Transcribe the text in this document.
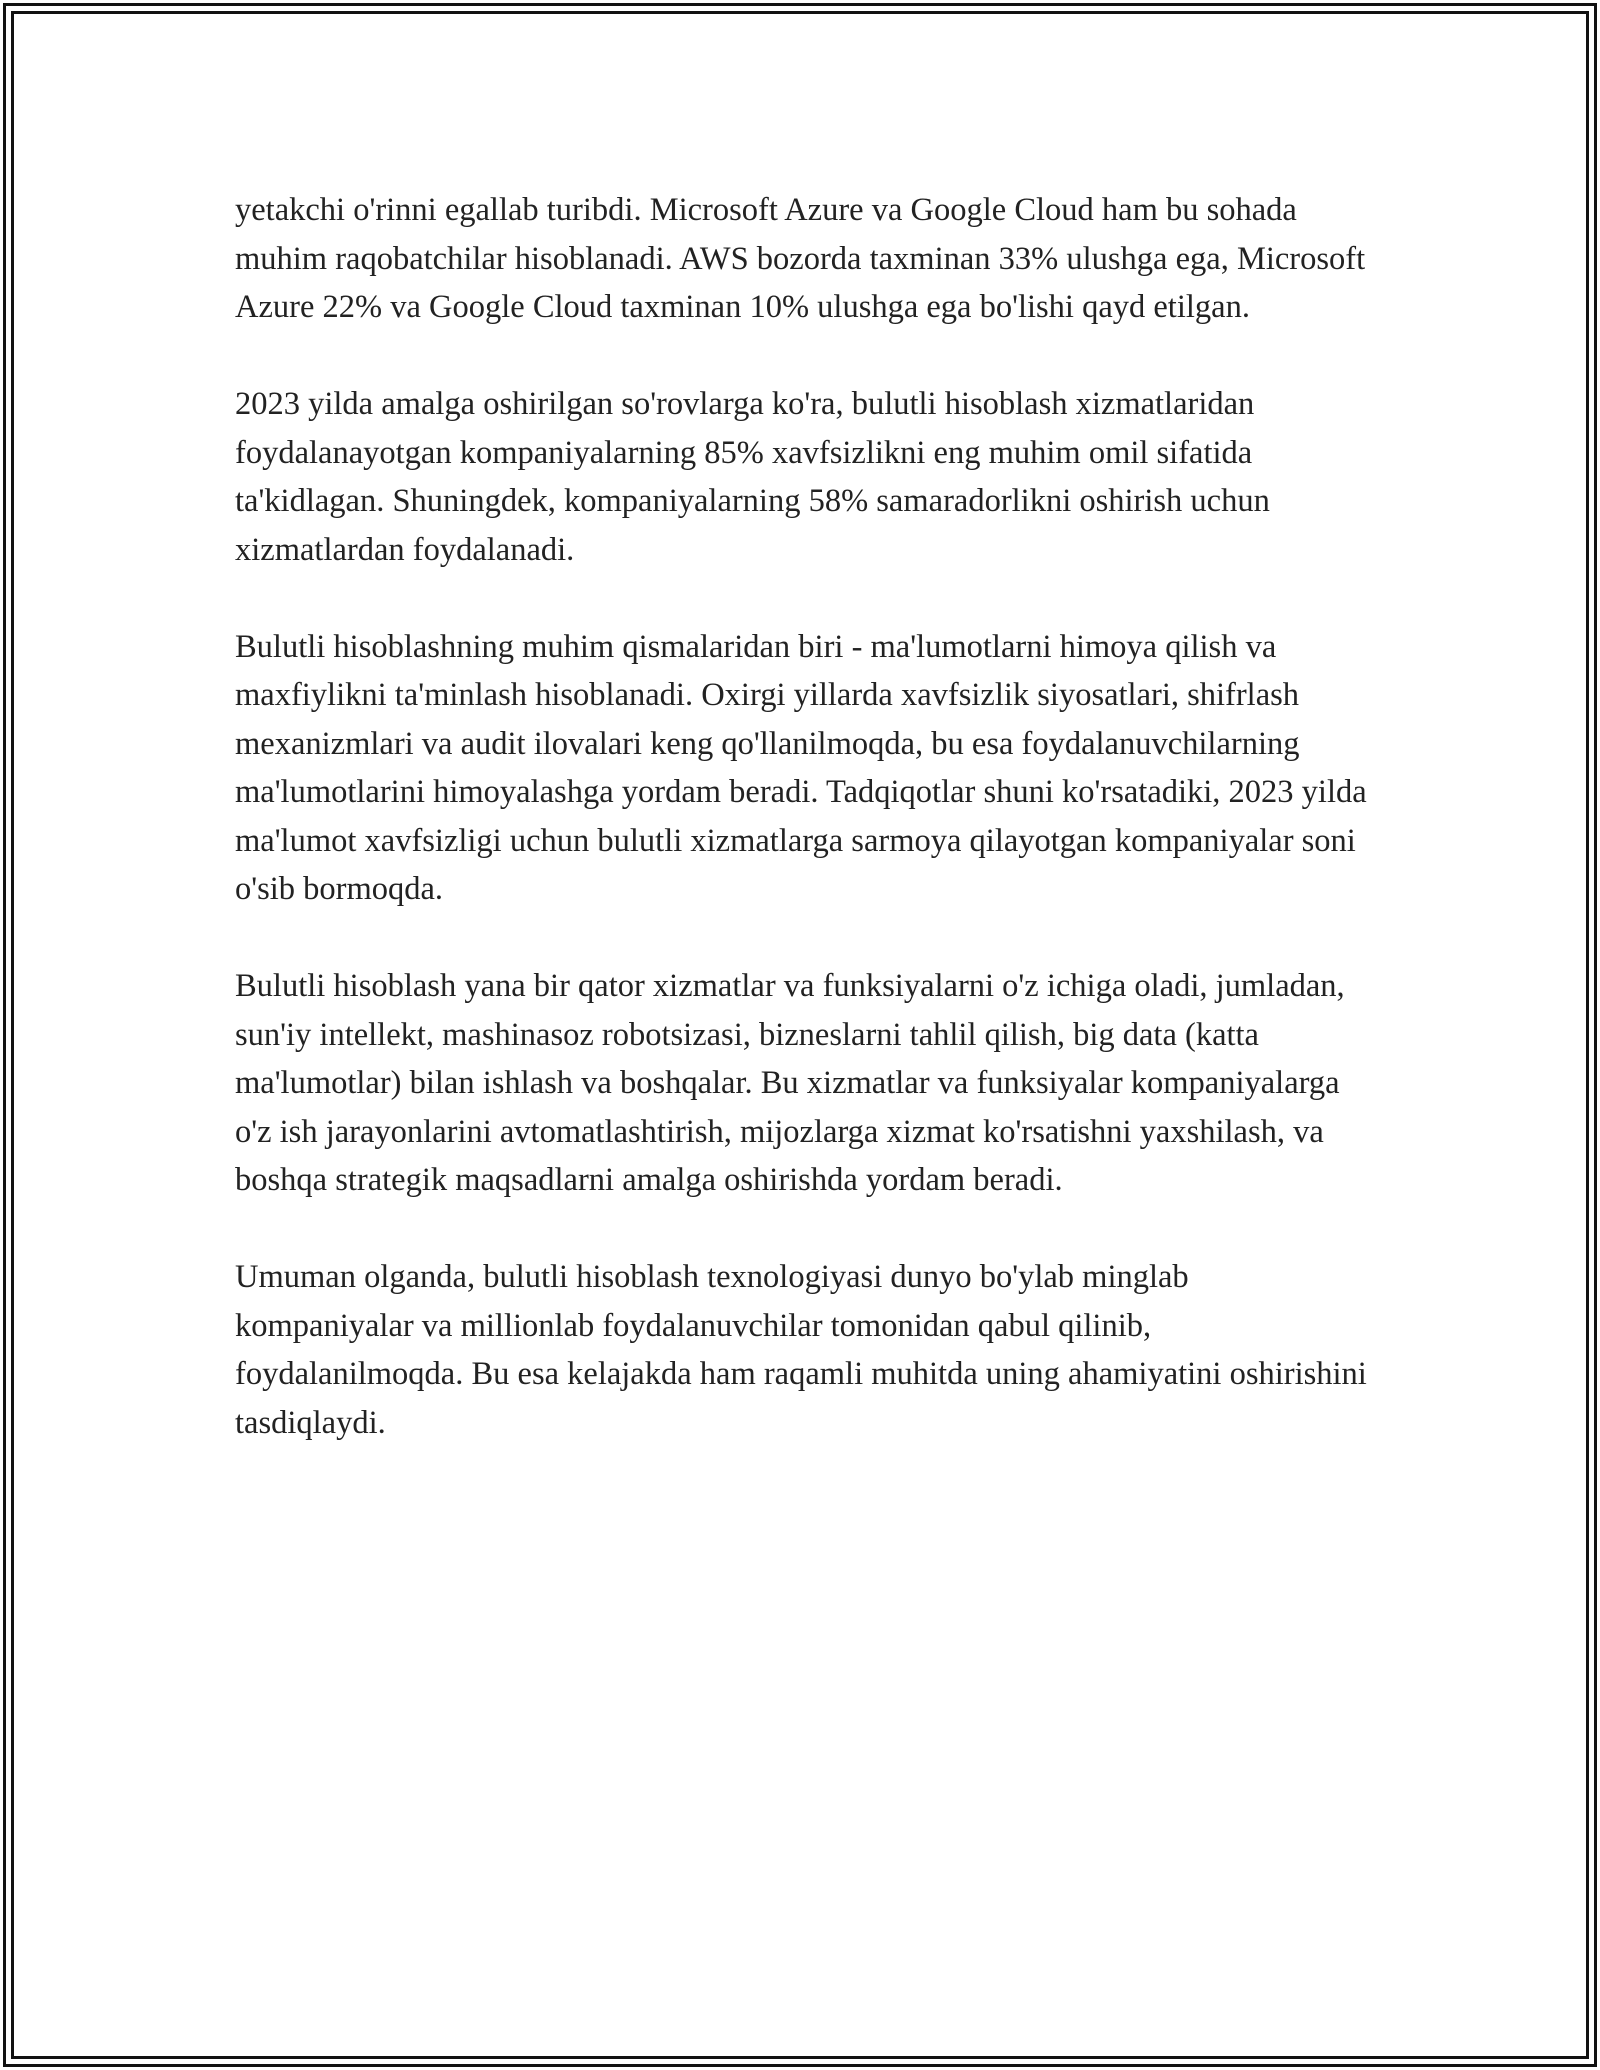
yetakchi o'rinni egallab turibdi. Microsoft Azure va Google Cloud ham bu sohada muhim raqobatchilar hisoblanadi. AWS bozorda taxminan 33% ulushga ega, Microsoft Azure 22% va Google Cloud taxminan 10% ulushga ega bo'lishi qayd etilgan.

2023 yilda amalga oshirilgan so'rovlarga ko'ra, bulutli hisoblash xizmatlaridan foydalanayotgan kompaniyalarning 85% xavfsizlikni eng muhim omil sifatida ta'kidlagan. Shuningdek, kompaniyalarning 58% samaradorlikni oshirish uchun xizmatlardan foydalanadi.

Bulutli hisoblashning muhim qismalaridan biri - ma'lumotlarni himoya qilish va maxfiylikni ta'minlash hisoblanadi. Oxirgi yillarda xavfsizlik siyosatlari, shifrlash mexanizmlari va audit ilovalari keng qo'llanilmoqda, bu esa foydalanuvchilarning ma'lumotlarini himoyalashga yordam beradi. Tadqiqotlar shuni ko'rsatadiki, 2023 yilda ma'lumot xavfsizligi uchun bulutli xizmatlarga sarmoya qilayotgan kompaniyalar soni o'sib bormoqda.

Bulutli hisoblash yana bir qator xizmatlar va funksiyalarni o'z ichiga oladi, jumladan, sun'iy intellekt, mashinasoz robotsizasi, bizneslarni tahlil qilish, big data (katta ma'lumotlar) bilan ishlash va boshqalar. Bu xizmatlar va funksiyalar kompaniyalarga o'z ish jarayonlarini avtomatlashtirish, mijozlarga xizmat ko'rsatishni yaxshilash, va boshqa strategik maqsadlarni amalga oshirishda yordam beradi.

Umuman olganda, bulutli hisoblash texnologiyasi dunyo bo'ylab minglab kompaniyalar va millionlab foydalanuvchilar tomonidan qabul qilinib, foydalanilmoqda. Bu esa kelajakda ham raqamli muhitda uning ahamiyatini oshirishini tasdiqlaydi.
